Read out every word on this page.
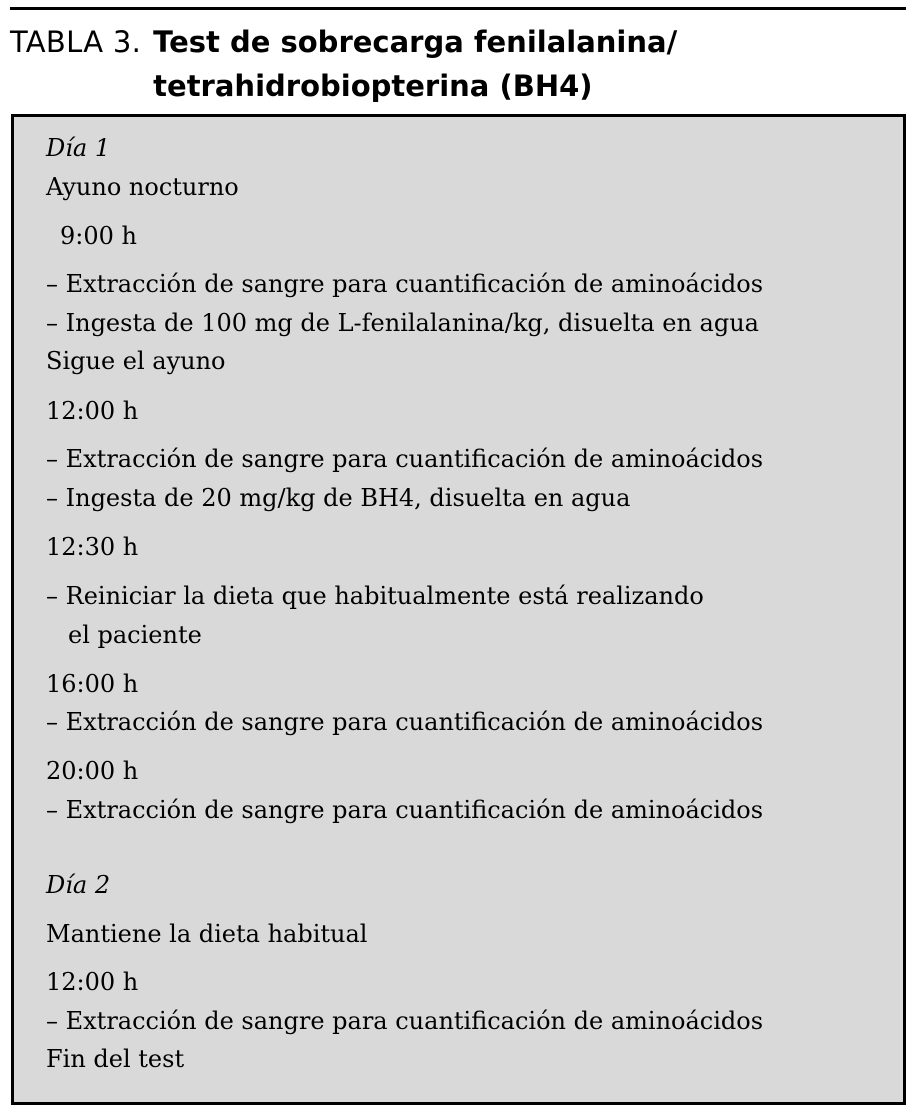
TABLA 3. Test de sobrecarga fenilalanina/
tetrahidrobiopterina (BH4)
Día 1
Ayuno nocturno
9:00 h
– Extracción de sangre para cuantificación de aminoácidos
– Ingesta de 100 mg de L-fenilalanina/kg, disuelta en agua
Sigue el ayuno
12:00 h
– Extracción de sangre para cuantificación de aminoácidos
– Ingesta de 20 mg/kg de BH4, disuelta en agua
12:30 h
– Reiniciar la dieta que habitualmente está realizando
el paciente
16:00 h
– Extracción de sangre para cuantificación de aminoácidos
20:00 h
– Extracción de sangre para cuantificación de aminoácidos
Día 2
Mantiene la dieta habitual
12:00 h
– Extracción de sangre para cuantificación de aminoácidos
Fin del test
